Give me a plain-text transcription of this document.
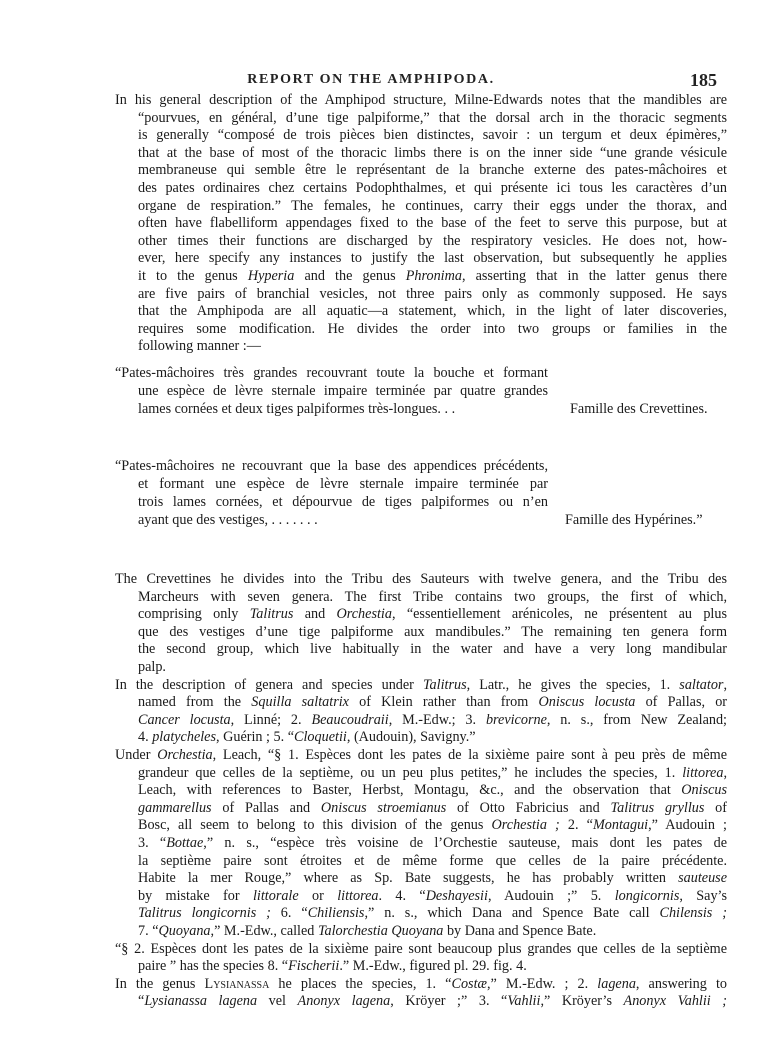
REPORT ON THE AMPHIPODA.	185
In his general description of the Amphipod structure, Milne-Edwards notes that the mandibles are
“pourvues, en général, d’une tige palpiforme,” that the dorsal arch in the thoracic segments
is generally “composé de trois pièces bien distinctes, savoir : un tergum et deux épimères,”
that at the base of most of the thoracic limbs there is on the inner side “une grande vésicule
membraneuse qui semble être le représentant de la branche externe des pates-mâchoires et
des pates ordinaires chez certains Podophthalmes, et qui présente ici tous les caractères d’un
organe de respiration.” The females, he continues, carry their eggs under the thorax, and
often have flabelliform appendages fixed to the base of the feet to serve this purpose, but at
other times their functions are discharged by the respiratory vesicles. He does not, how-
ever, here specify any instances to justify the last observation, but subsequently he applies
it to the genus Hyperia and the genus Phronima, asserting that in the latter genus there
are five pairs of branchial vesicles, not three pairs only as commonly supposed. He says
that the Amphipoda are all aquatic—a statement, which, in the light of later discoveries,
requires some modification. He divides the order into two groups or families in the
following manner :—
“Pates-mâchoires très grandes recouvrant toute la bouche et formant
une espèce de lèvre sternale impaire terminée par quatre grandes
lames cornées et deux tiges palpiformes très-longues. . .	Famille des Crevettines.
“Pates-mâchoires ne recouvrant que la base des appendices précédents,
et formant une espèce de lèvre sternale impaire terminée par
trois lames cornées, et dépourvue de tiges palpiformes ou n’en
ayant que des vestiges, . . . . . . .	Famille des Hypérines.”
The Crevettines he divides into the Tribu des Sauteurs with twelve genera, and the Tribu des
Marcheurs with seven genera. The first Tribe contains two groups, the first of which,
comprising only Talitrus and Orchestia, “essentiellement arénicoles, ne présentent au plus
que des vestiges d’une tige palpiforme aux mandibules.” The remaining ten genera form
the second group, which live habitually in the water and have a very long mandibular
palp.
In the description of genera and species under Talitrus, Latr., he gives the species, 1. saltator,
named from the Squilla saltatrix of Klein rather than from Oniscus locusta of Pallas, or
Cancer locusta, Linné; 2. Beaucoudraii, M.-Edw.; 3. brevicorne, n. s., from New Zealand;
4. platycheles, Guérin ; 5. “Cloquetii, (Audouin), Savigny.”
Under Orchestia, Leach, “§ 1. Espèces dont les pates de la sixième paire sont à peu près de même
grandeur que celles de la septième, ou un peu plus petites,” he includes the species, 1. littorea,
Leach, with references to Baster, Herbst, Montagu, &c., and the observation that Oniscus
gammarellus of Pallas and Oniscus stroemianus of Otto Fabricius and Talitrus gryllus of
Bosc, all seem to belong to this division of the genus Orchestia ; 2. “Montagui,” Audouin ;
3. “Bottae,” n. s., “espèce très voisine de l’Orchestie sauteuse, mais dont les pates de
la septième paire sont étroites et de même forme que celles de la paire précédente.
Habite la mer Rouge,” where as Sp. Bate suggests, he has probably written sauteuse
by mistake for littorale or littorea. 4. “Deshayesii, Audouin ;” 5. longicornis, Say’s
Talitrus longicornis ; 6. “Chiliensis,” n. s., which Dana and Spence Bate call Chilensis ;
7. “Quoyana,” M.-Edw., called Talorchestia Quoyana by Dana and Spence Bate.
“§ 2. Espèces dont les pates de la sixième paire sont beaucoup plus grandes que celles de la septième
paire ” has the species 8. “Fischerii.” M.-Edw., figured pl. 29. fig. 4.
In the genus Lysianassa he places the species, 1. “Costæ,” M.-Edw. ; 2. lagena, answering to
“Lysianassa lagena vel Anonyx lagena, Kröyer ;” 3. “Vahlii,” Kröyer’s Anonyx Vahlii ;
